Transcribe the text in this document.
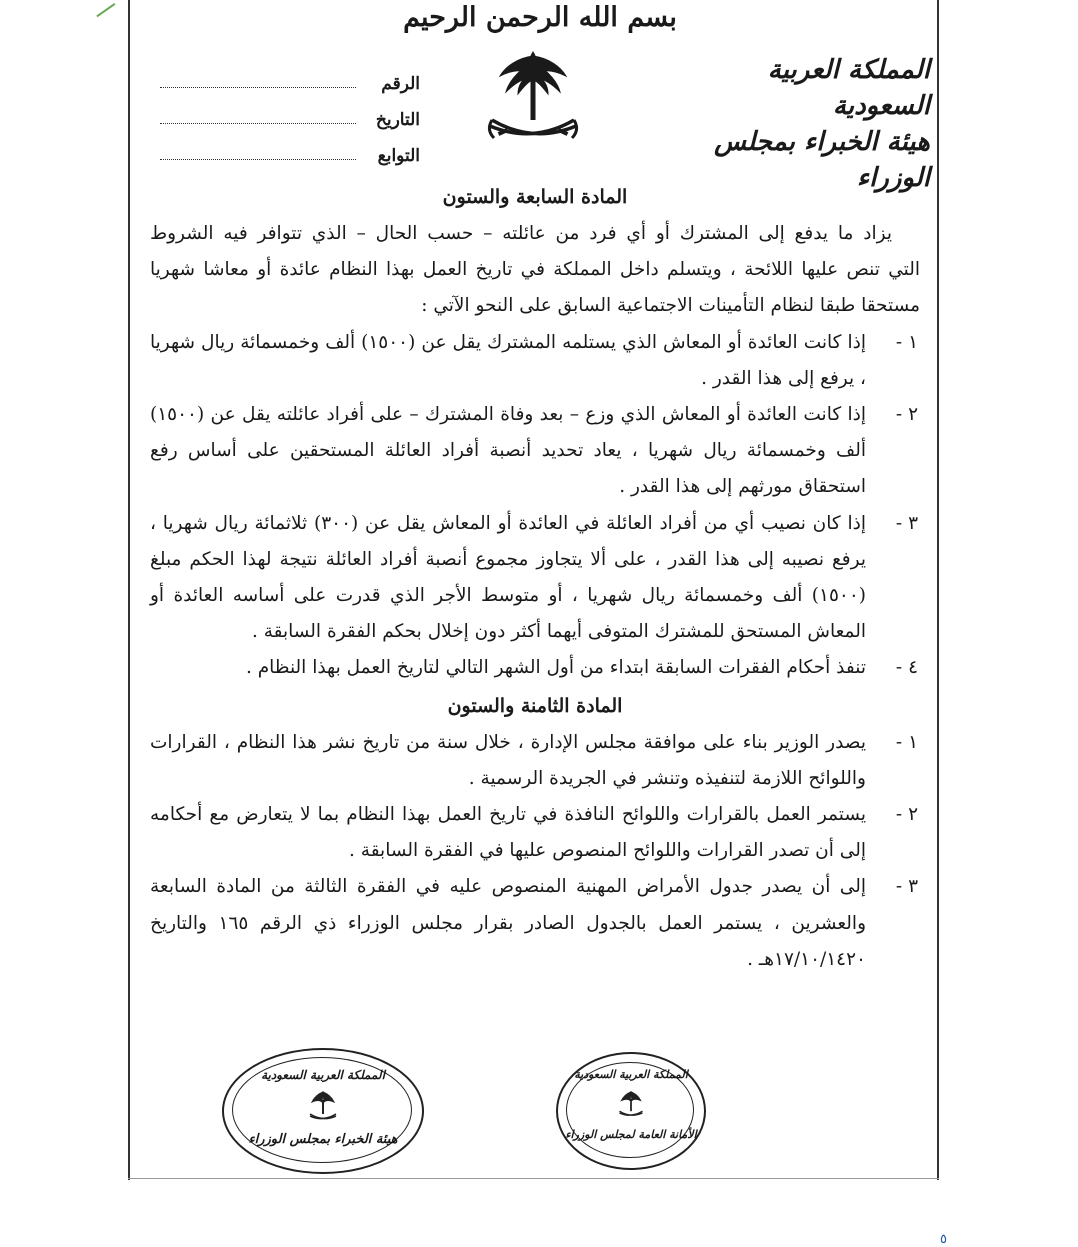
بسم الله الرحمن الرحيم
المملكة العربية السعودية
هيئة الخبراء بمجلس الوزراء
الرقم
التاريخ
التوابع
المادة السابعة والستون
يزاد ما يدفع إلى المشترك أو أي فرد من عائلته – حسب الحال – الذي تتوافر فيه الشروط
التي تنص عليها اللائحة ، ويتسلم داخل المملكة في تاريخ العمل بهذا النظام عائدة أو معاشا شهريا
مستحقا طبقا لنظام التأمينات الاجتماعية السابق على النحو الآتي :
١ -
إذا كانت العائدة أو المعاش الذي يستلمه المشترك يقل عن (١٥٠٠) ألف وخمسمائة ريال شهريا ، يرفع إلى هذا القدر .
٢ -
إذا كانت العائدة أو المعاش الذي وزع – بعد وفاة المشترك – على أفراد عائلته يقل عن (١٥٠٠) ألف وخمسمائة ريال شهريا ، يعاد تحديد أنصبة أفراد العائلة المستحقين على أساس رفع استحقاق مورثهم إلى هذا القدر .
٣ -
إذا كان نصيب أي من أفراد العائلة في العائدة أو المعاش يقل عن (٣٠٠) ثلاثمائة ريال شهريا ، يرفع نصيبه إلى هذا القدر ، على ألا يتجاوز مجموع أنصبة أفراد العائلة نتيجة لهذا الحكم مبلغ (١٥٠٠) ألف وخمسمائة ريال شهريا ، أو متوسط الأجر الذي قدرت على أساسه العائدة أو المعاش المستحق للمشترك المتوفى أيهما أكثر دون إخلال بحكم الفقرة السابقة .
٤ -
تنفذ أحكام الفقرات السابقة ابتداء من أول الشهر التالي لتاريخ العمل بهذا النظام .
المادة الثامنة والستون
١ -
يصدر الوزير بناء على موافقة مجلس الإدارة ، خلال سنة من تاريخ نشر هذا النظام ، القرارات واللوائح اللازمة لتنفيذه وتنشر في الجريدة الرسمية .
٢ -
يستمر العمل بالقرارات واللوائح النافذة في تاريخ العمل بهذا النظام بما لا يتعارض مع أحكامه إلى أن تصدر القرارات واللوائح المنصوص عليها في الفقرة السابقة .
٣ -
إلى أن يصدر جدول الأمراض المهنية المنصوص عليه في الفقرة الثالثة من المادة السابعة والعشرين ، يستمر العمل بالجدول الصادر بقرار مجلس الوزراء ذي الرقم ١٦٥ والتاريخ ١٧/١٠/١٤٢٠هـ .
المملكة العربية السعودية
هيئة الخبراء بمجلس الوزراء
المملكة العربية السعودية
الأمانة العامة لمجلس الوزراء
٥
